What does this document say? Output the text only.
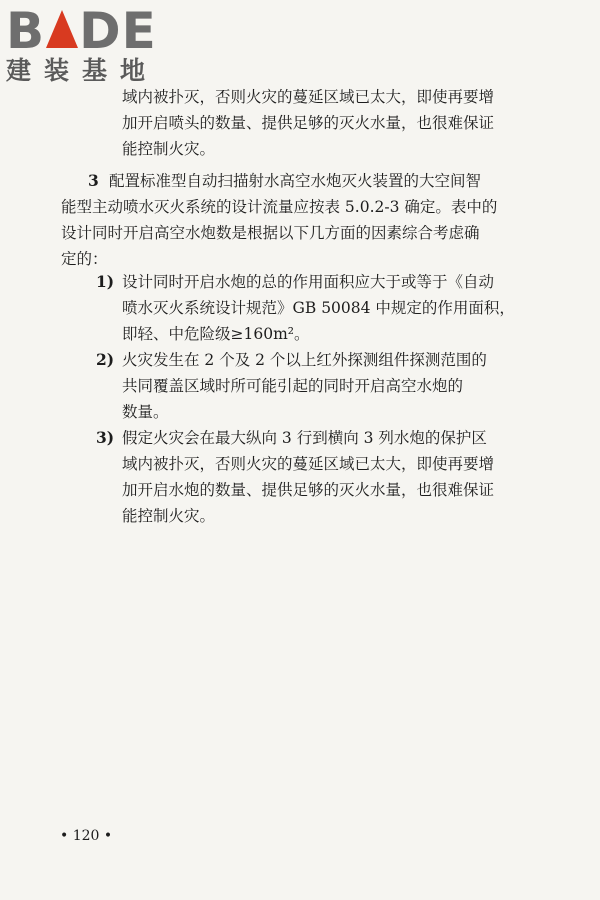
B DE
建装基地
域内被扑灭，否则火灾的蔓延区域已太大，即使再要增
加开启喷头的数量、提供足够的灭火水量，也很难保证
能控制火灾。
3 配置标准型自动扫描射水高空水炮灭火装置的大空间智
能型主动喷水灭火系统的设计流量应按表 5.0.2-3 确定。表中的
设计同时开启高空水炮数是根据以下几方面的因素综合考虑确
定的：
1) 设计同时开启水炮的总的作用面积应大于或等于《自动
喷水灭火系统设计规范》GB 50084 中规定的作用面积，
即轻、中危险级≥160m²。
2) 火灾发生在 2 个及 2 个以上红外探测组件探测范围的
共同覆盖区域时所可能引起的同时开启高空水炮的
数量。
3) 假定火灾会在最大纵向 3 行到横向 3 列水炮的保护区
域内被扑灭，否则火灾的蔓延区域已太大，即使再要增
加开启水炮的数量、提供足够的灭火水量，也很难保证
能控制火灾。
• 120 •
